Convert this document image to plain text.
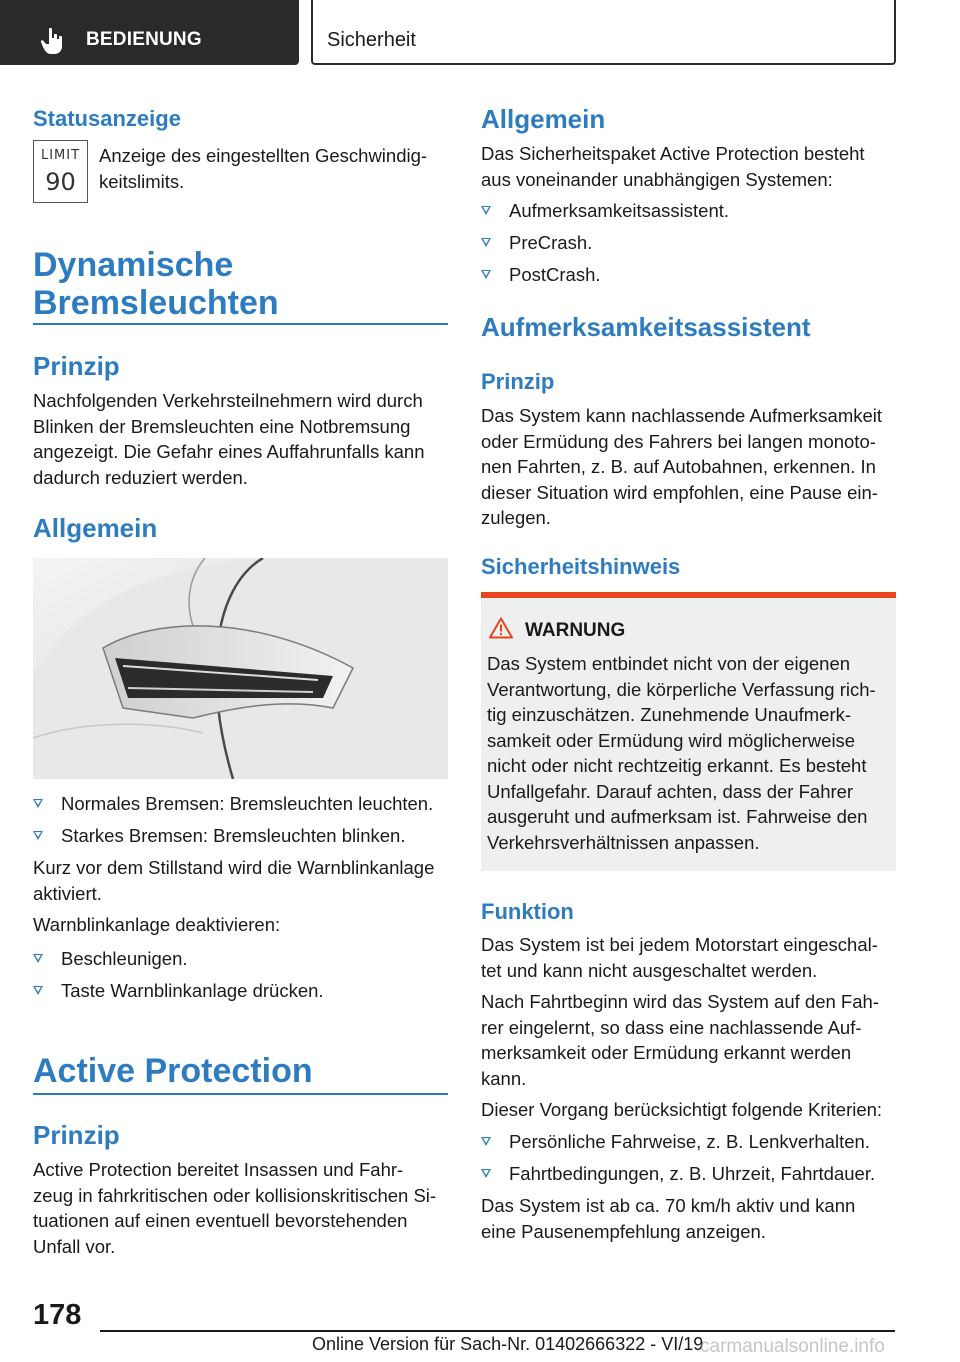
BEDIENUNG	Sicherheit
Statusanzeige
LIMIT
90
Anzeige des eingestellten Geschwindig-
keitslimits.
Dynamische
Bremsleuchten
Prinzip
Nachfolgenden Verkehrsteilnehmern wird durch
Blinken der Bremsleuchten eine Notbremsung
angezeigt. Die Gefahr eines Auffahrunfalls kann
dadurch reduziert werden.
Allgemein
Normales Bremsen: Bremsleuchten leuchten.
Starkes Bremsen: Bremsleuchten blinken.
Kurz vor dem Stillstand wird die Warnblinkanlage
aktiviert.
Warnblinkanlage deaktivieren:
Beschleunigen.
Taste Warnblinkanlage drücken.
Active Protection
Prinzip
Active Protection bereitet Insassen und Fahr-
zeug in fahrkritischen oder kollisionskritischen Si-
tuationen auf einen eventuell bevorstehenden
Unfall vor.
Allgemein
Das Sicherheitspaket Active Protection besteht
aus voneinander unabhängigen Systemen:
Aufmerksamkeitsassistent.
PreCrash.
PostCrash.
Aufmerksamkeitsassistent
Prinzip
Das System kann nachlassende Aufmerksamkeit
oder Ermüdung des Fahrers bei langen monoto-
nen Fahrten, z. B. auf Autobahnen, erkennen. In
dieser Situation wird empfohlen, eine Pause ein-
zulegen.
Sicherheitshinweis
WARNUNG
Das System entbindet nicht von der eigenen
Verantwortung, die körperliche Verfassung rich-
tig einzuschätzen. Zunehmende Unaufmerk-
samkeit oder Ermüdung wird möglicherweise
nicht oder nicht rechtzeitig erkannt. Es besteht
Unfallgefahr. Darauf achten, dass der Fahrer
ausgeruht und aufmerksam ist. Fahrweise den
Verkehrsverhältnissen anpassen.
Funktion
Das System ist bei jedem Motorstart eingeschal-
tet und kann nicht ausgeschaltet werden.
Nach Fahrtbeginn wird das System auf den Fah-
rer eingelernt, so dass eine nachlassende Auf-
merksamkeit oder Ermüdung erkannt werden
kann.
Dieser Vorgang berücksichtigt folgende Kriterien:
Persönliche Fahrweise, z. B. Lenkverhalten.
Fahrtbedingungen, z. B. Uhrzeit, Fahrtdauer.
Das System ist ab ca. 70 km/h aktiv und kann
eine Pausenempfehlung anzeigen.
178
Online Version für Sach-Nr. 01402666322 - VI/19
carmanualsonline.info
